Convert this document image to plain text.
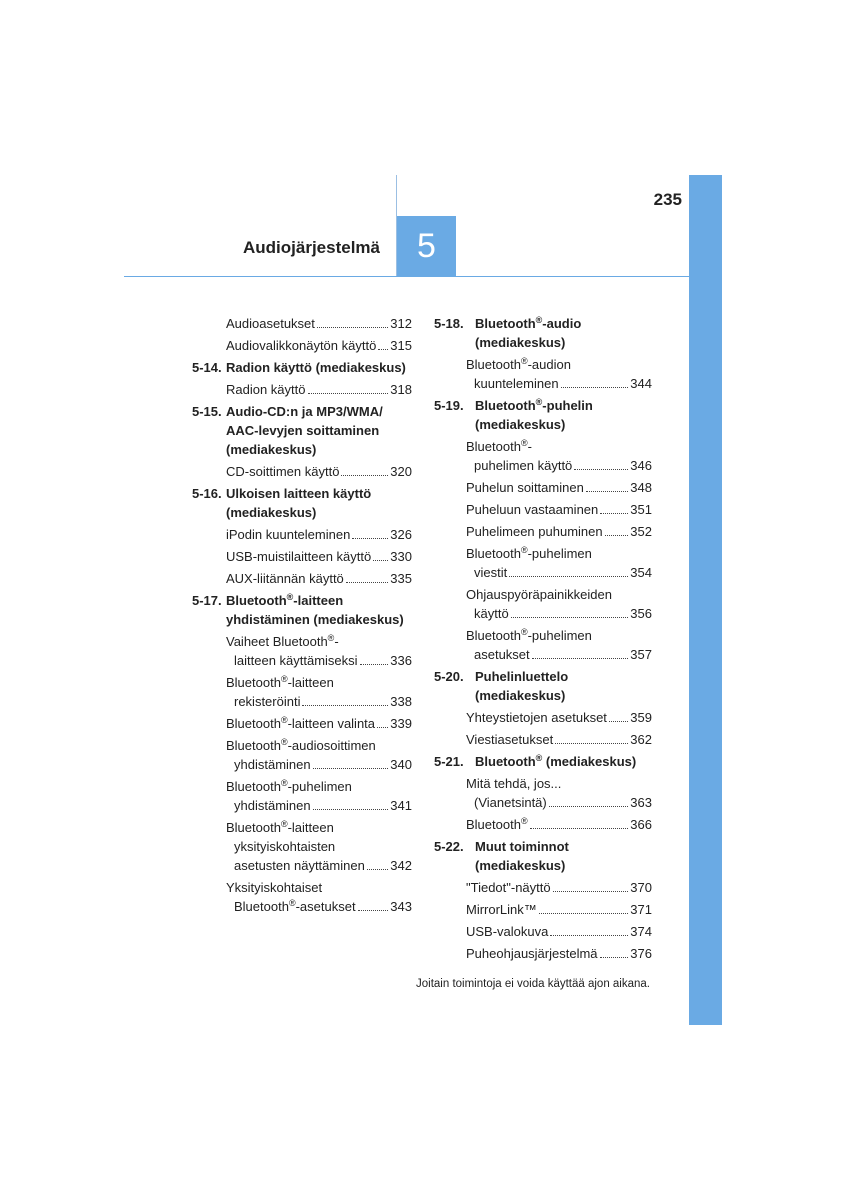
235
Audiojärjestelmä 5
Audioasetukset	312
Audiovalikkonäytön käyttö 315
5-14. Radion käyttö (mediakeskus)
Radion käyttö	318
5-15. Audio-CD:n ja MP3/WMA/ AAC-levyjen soittaminen (mediakeskus)
CD-soittimen käyttö	320
5-16. Ulkoisen laitteen käyttö (mediakeskus)
iPodin kuunteleminen	326
USB-muistilaitteen käyttö 330
AUX-liitännän käyttö	335
5-17. Bluetooth®-laitteen yhdistäminen (mediakeskus)
Vaiheet Bluetooth®-
laitteen käyttämiseksi	336
Bluetooth®-laitteen
rekisteröinti	338
Bluetooth®-laitteen valinta 339
Bluetooth®-audiosoittimen
yhdistäminen	340
Bluetooth®-puhelimen
yhdistäminen	341
Bluetooth®-laitteen
yksityiskohtaisten
asetusten näyttäminen 342
Yksityiskohtaiset
Bluetooth®-asetukset	343
5-18. Bluetooth®-audio (mediakeskus)
Bluetooth®-audion
kuunteleminen	344
5-19. Bluetooth®-puhelin (mediakeskus)
Bluetooth®-
puhelimen käyttö	346
Puhelun soittaminen	348
Puheluun vastaaminen 351
Puhelimeen puhuminen 352
Bluetooth®-puhelimen
viestit	354
Ohjauspyöräpainikkeiden
käyttö	356
Bluetooth®-puhelimen
asetukset	357
5-20. Puhelinluettelo (mediakeskus)
Yhteystietojen asetukset 359
Viestiasetukset	362
5-21. Bluetooth® (mediakeskus)
Mitä tehdä, jos...
(Vianetsintä)	363
Bluetooth®	366
5-22. Muut toiminnot (mediakeskus)
"Tiedot"-näyttö	370
MirrorLink™	371
USB-valokuva	374
Puheohjausjärjestelmä	376
Joitain toimintoja ei voida käyttää ajon aikana.
